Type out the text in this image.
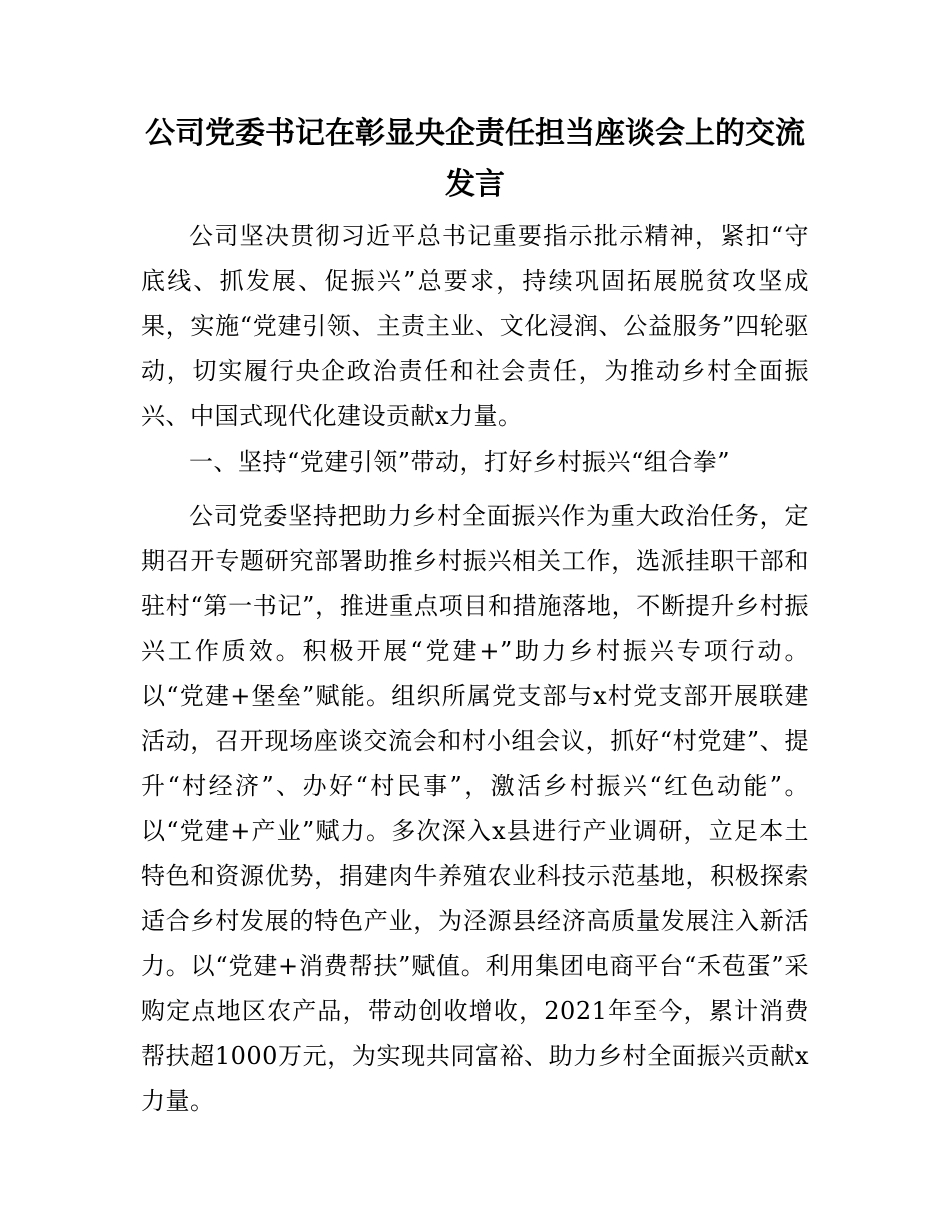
公司党委书记在彰显央企责任担当座谈会上的交流发言

公司坚决贯彻习近平总书记重要指示批示精神，紧扣“守底线、抓发展、促振兴”总要求，持续巩固拓展脱贫攻坚成果，实施“党建引领、主责主业、文化浸润、公益服务”四轮驱动，切实履行央企政治责任和社会责任，为推动乡村全面振兴、中国式现代化建设贡献x力量。

一、坚持“党建引领”带动，打好乡村振兴“组合拳”

公司党委坚持把助力乡村全面振兴作为重大政治任务，定期召开专题研究部署助推乡村振兴相关工作，选派挂职干部和驻村“第一书记”，推进重点项目和措施落地，不断提升乡村振兴工作质效。积极开展“党建+”助力乡村振兴专项行动。以“党建+堡垒”赋能。组织所属党支部与x村党支部开展联建活动，召开现场座谈交流会和村小组会议，抓好“村党建”、提升“村经济”、办好“村民事”，激活乡村振兴“红色动能”。以“党建+产业”赋力。多次深入x县进行产业调研，立足本土特色和资源优势，捐建肉牛养殖农业科技示范基地，积极探索适合乡村发展的特色产业，为泾源县经济高质量发展注入新活力。以“党建+消费帮扶”赋值。利用集团电商平台“禾苞蛋”采购定点地区农产品，带动创收增收，2021年至今，累计消费帮扶超1000万元，为实现共同富裕、助力乡村全面振兴贡献x力量。
